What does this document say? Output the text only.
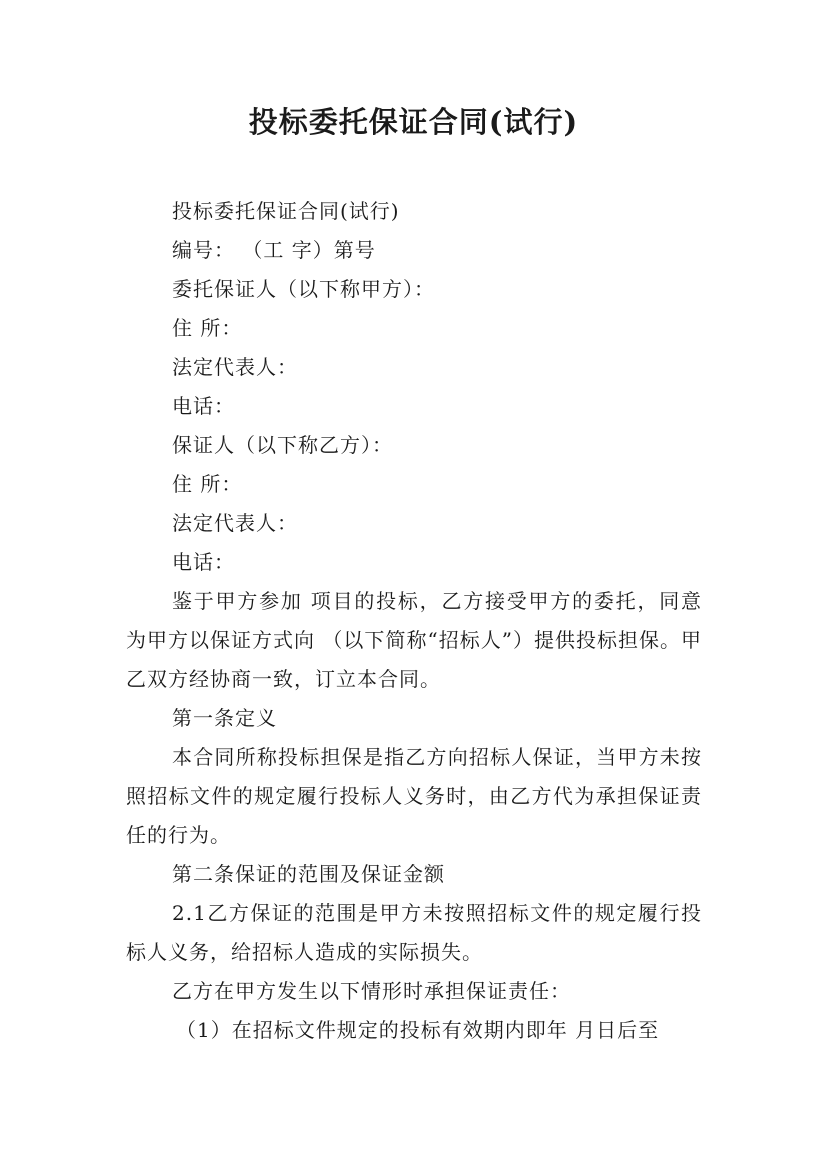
投标委托保证合同(试行)

投标委托保证合同(试行)

编号： （工 字）第号

委托保证人（以下称甲方）：

住 所：

法定代表人：

电话：

保证人（以下称乙方）：

住 所：

法定代表人：

电话：

鉴于甲方参加 项目的投标，乙方接受甲方的委托，同意为甲方以保证方式向 （以下简称“招标人”）提供投标担保。甲乙双方经协商一致，订立本合同。

第一条定义

本合同所称投标担保是指乙方向招标人保证，当甲方未按照招标文件的规定履行投标人义务时，由乙方代为承担保证责任的行为。

第二条保证的范围及保证金额

2.1乙方保证的范围是甲方未按照招标文件的规定履行投标人义务，给招标人造成的实际损失。

乙方在甲方发生以下情形时承担保证责任：

（1）在招标文件规定的投标有效期内即年 月日后至
